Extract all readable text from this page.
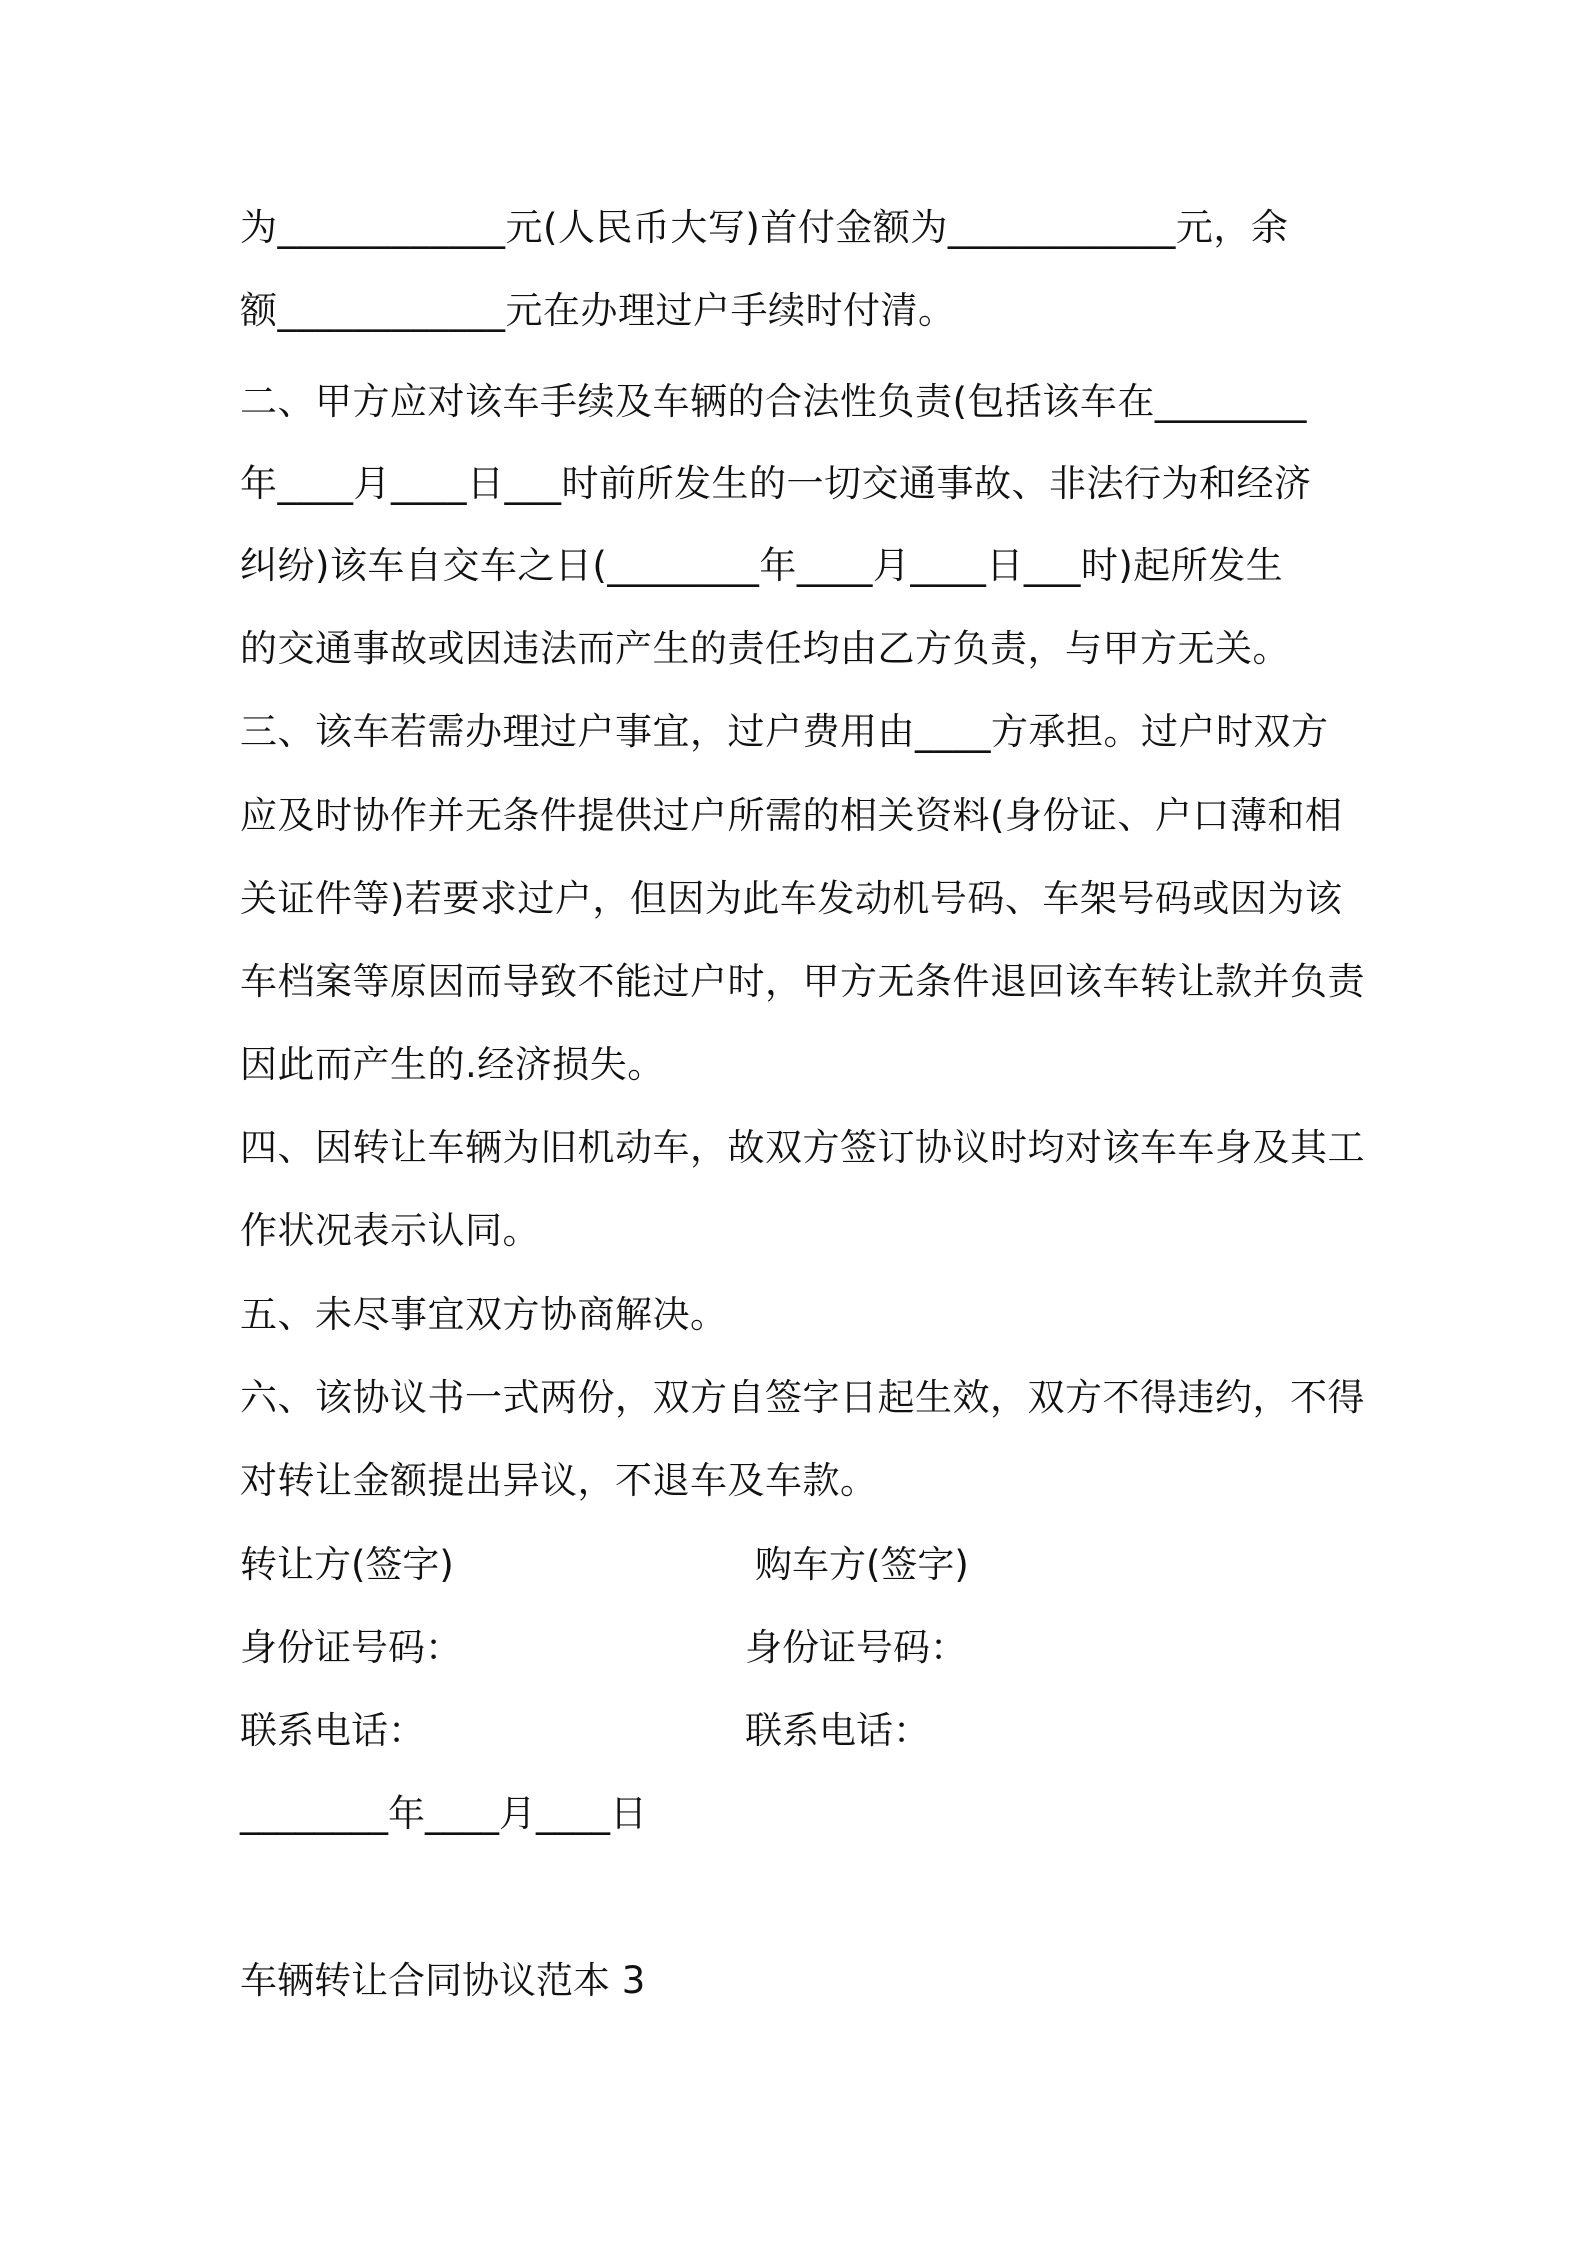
为____________元(人民币大写)首付金额为____________元，余
额____________元在办理过户手续时付清。
二、甲方应对该车手续及车辆的合法性负责(包括该车在________
年____月____日___时前所发生的一切交通事故、非法行为和经济
纠纷)该车自交车之日(________年____月____日___时)起所发生
的交通事故或因违法而产生的责任均由乙方负责，与甲方无关。
三、该车若需办理过户事宜，过户费用由____方承担。过户时双方
应及时协作并无条件提供过户所需的相关资料(身份证、户口薄和相
关证件等)若要求过户，但因为此车发动机号码、车架号码或因为该
车档案等原因而导致不能过户时，甲方无条件退回该车转让款并负责
因此而产生的.经济损失。
四、因转让车辆为旧机动车，故双方签订协议时均对该车车身及其工
作状况表示认同。
五、未尽事宜双方协商解决。
六、该协议书一式两份，双方自签字日起生效，双方不得违约，不得
对转让金额提出异议，不退车及车款。
转让方(签字)	购车方(签字)
身份证号码：	身份证号码：
联系电话：	联系电话：
________年____月____日
车辆转让合同协议范本 3
